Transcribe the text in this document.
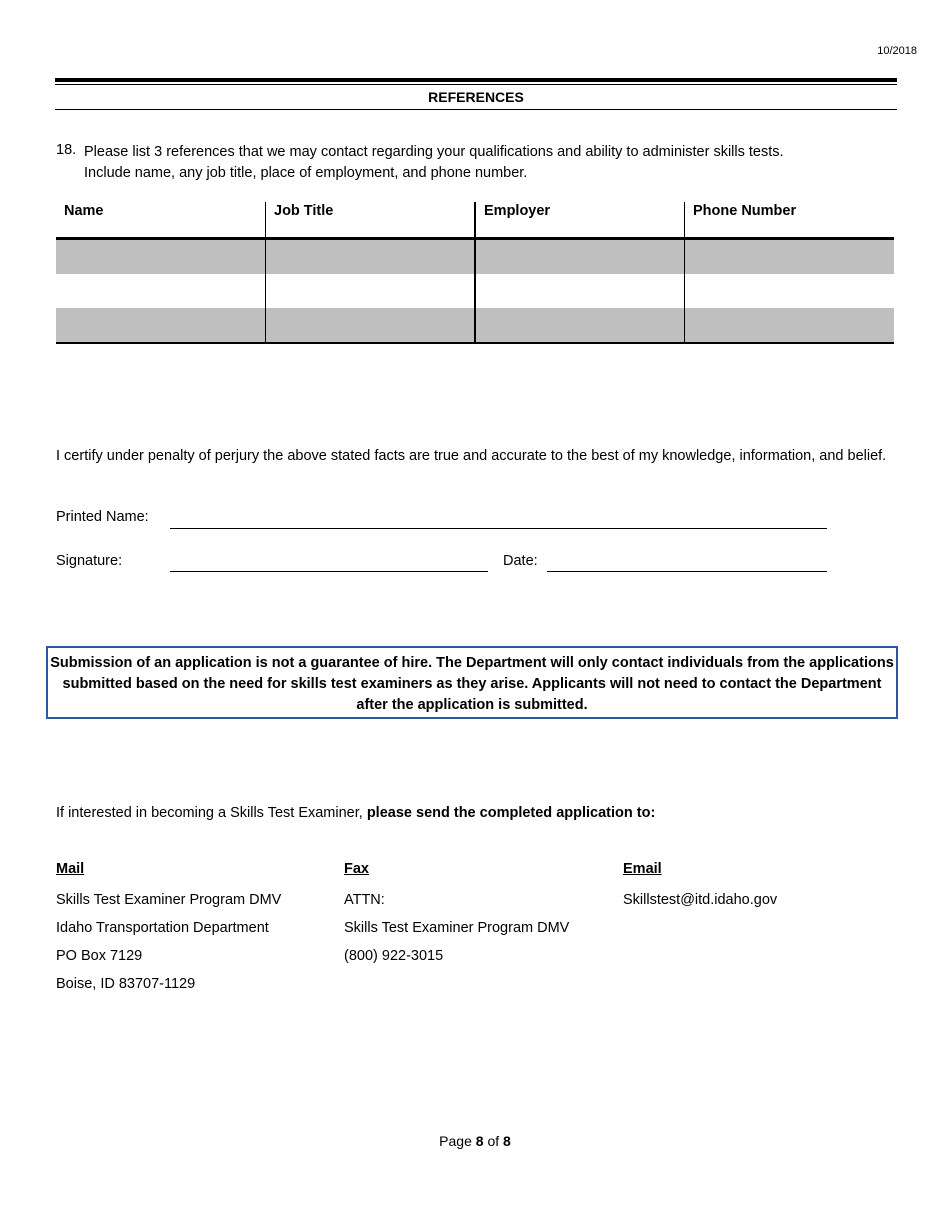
10/2018
REFERENCES
18. Please list 3 references that we may contact regarding your qualifications and ability to administer skills tests.
Include name, any job title, place of employment, and phone number.
Name	Job Title	Employer	Phone Number

I certify under penalty of perjury the above stated facts are true and accurate to the best of my knowledge, information, and belief.
Printed Name:
Signature:	Date:
Submission of an application is not a guarantee of hire. The Department will only contact individuals from the applications submitted based on the need for skills test examiners as they arise. Applicants will not need to contact the Department after the application is submitted.
If interested in becoming a Skills Test Examiner, please send the completed application to:
Mail
Skills Test Examiner Program DMV
Idaho Transportation Department
PO Box 7129
Boise, ID 83707-1129
Fax
ATTN:
Skills Test Examiner Program DMV
(800) 922-3015
Email
Skillstest@itd.idaho.gov
Page 8 of 8
